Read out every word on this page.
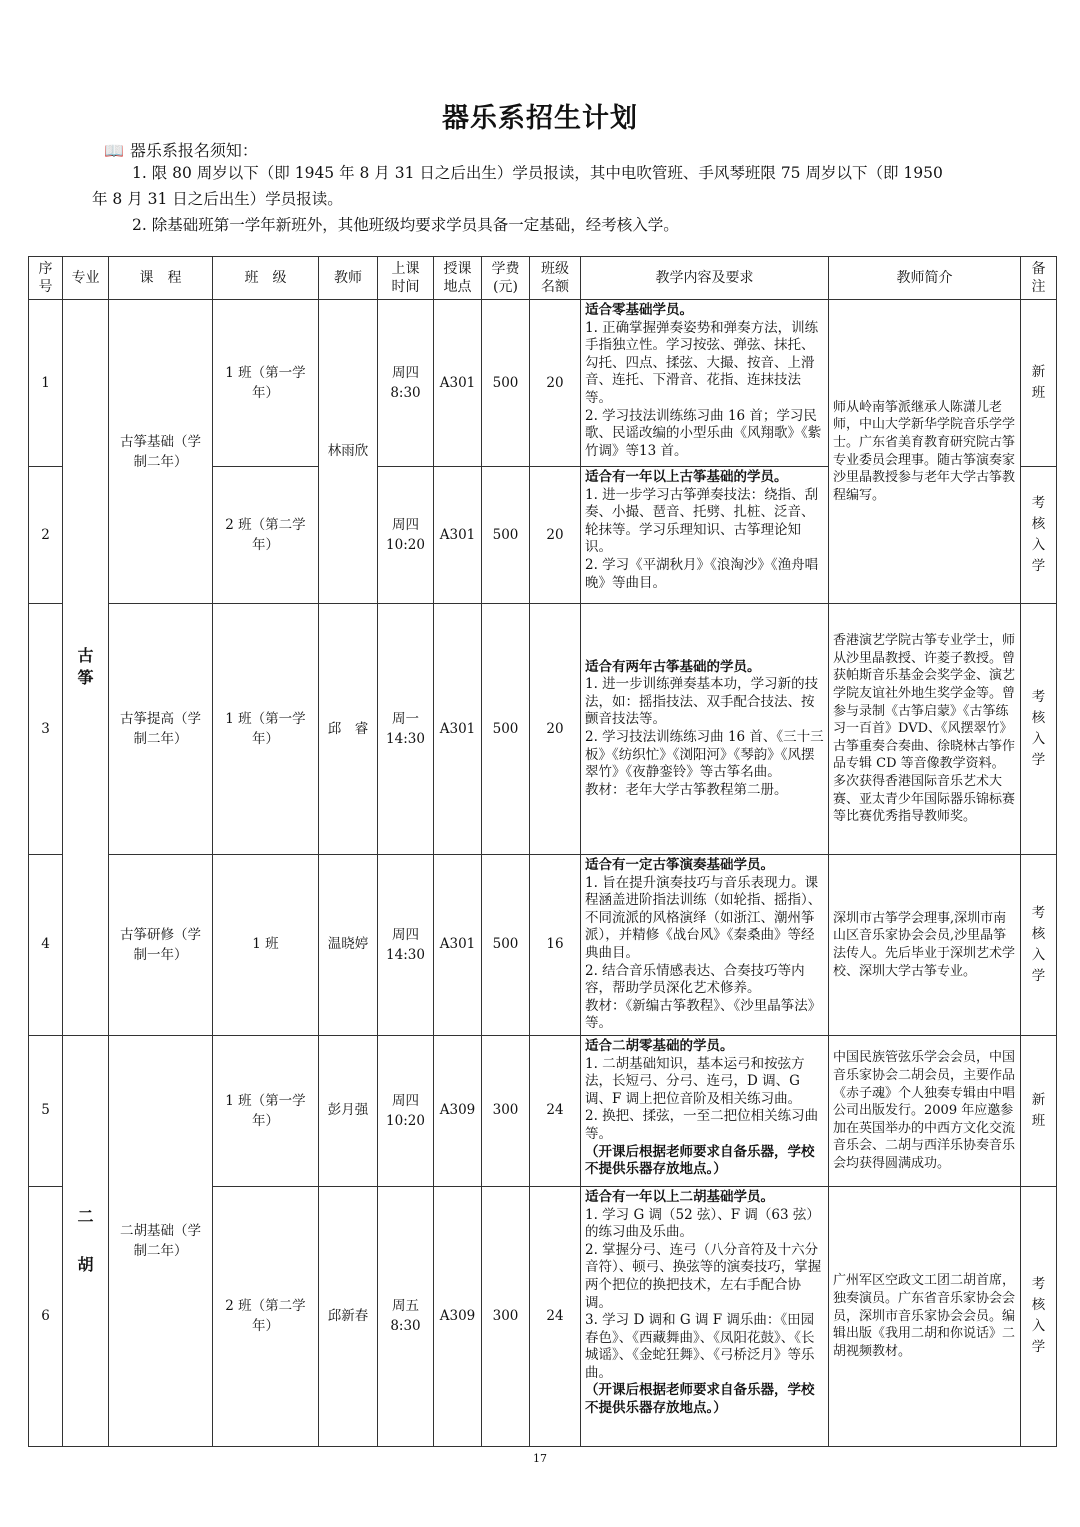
器乐系招生计划
📖 器乐系报名须知：
1. 限 80 周岁以下（即 1945 年 8 月 31 日之后出生）学员报读，其中电吹管班、手风琴班限 75 周岁以下（即 1950
年 8 月 31 日之后出生）学员报读。
2. 除基础班第一学年新班外，其他班级均要求学员具备一定基础，经考核入学。
序号	专业	课　程	班　级	教师	上课时间	授课地点	学费(元)	班级名额	教学内容及要求	教师简介	备注

1	古筝	古筝基础（学制二年）	1 班（第一学年）	林雨欣	周四 8:30	A301	500	20	适合零基础学员。
1. 正确掌握弹奏姿势和弹奏方法，训练手指独立性。学习按弦、弹弦、抹托、勾托、四点、揉弦、大撮、按音、上滑音、连托、下滑音、花指、连抹技法等。
2. 学习技法训练练习曲 16 首；学习民歌、民谣改编的小型乐曲《风翔歌》《紫竹调》等13 首。	师从岭南筝派继承人陈潇儿老师，中山大学新华学院音乐学学士。广东省美育教育研究院古筝专业委员会理事。随古筝演奏家沙里晶教授参与老年大学古筝教程编写。	新班

2			2 班（第二学年）		周四 10:20	A301	500	20	适合有一年以上古筝基础的学员。
1. 进一步学习古筝弹奏技法：绕指、刮奏、小撮、琶音、托劈、扎桩、泛音、轮抹等。学习乐理知识、古筝理论知识。
2. 学习《平湖秋月》《浪淘沙》《渔舟唱晚》等曲目。		考核入学

3		古筝提高（学制二年）	1 班（第一学年）	邱　睿	周一 14:30	A301	500	20	适合有两年古筝基础的学员。
1. 进一步训练弹奏基本功，学习新的技法，如：摇指技法、双手配合技法、按颤音技法等。
2. 学习技法训练练习曲 16 首、《三十三板》《纺织忙》《浏阳河》《琴韵》《风摆翠竹》《夜静銮铃》等古筝名曲。
教材：老年大学古筝教程第二册。	香港演艺学院古筝专业学士，师从沙里晶教授、许菱子教授。曾获帕斯音乐基金会奖学金、演艺学院友谊社外地生奖学金等。曾参与录制《古筝启蒙》《古筝练习一百首》DVD、《风摆翠竹》古筝重奏合奏曲、徐晓林古筝作品专辑 CD 等音像教学资料。多次获得香港国际音乐艺术大赛、亚太青少年国际器乐锦标赛等比赛优秀指导教师奖。	考核入学

4		古筝研修（学制一年）	1 班	温晓婷	周四 14:30	A301	500	16	适合有一定古筝演奏基础学员。
1. 旨在提升演奏技巧与音乐表现力。课程涵盖进阶指法训练（如轮指、摇指）、不同流派的风格演绎（如浙江、潮州筝派），并精修《战台风》《秦桑曲》等经典曲目。
2. 结合音乐情感表达、合奏技巧等内容，帮助学员深化艺术修养。
教材：《新编古筝教程》、《沙里晶筝法》等。	深圳市古筝学会理事,深圳市南山区音乐家协会会员,沙里晶筝法传人。先后毕业于深圳艺术学校、深圳大学古筝专业。	考核入学

5	二胡	二胡基础（学制二年）	1 班（第一学年）	彭月强	周四 10:20	A309	300	24	适合二胡零基础的学员。
1. 二胡基础知识，基本运弓和按弦方法，长短弓、分弓、连弓，D 调、G 调、F 调上把位音阶及相关练习曲。
2. 换把、揉弦，一至二把位相关练习曲等。
（开课后根据老师要求自备乐器，学校不提供乐器存放地点。）	中国民族管弦乐学会会员，中国音乐家协会二胡会员，主要作品《赤子魂》个人独奏专辑由中唱公司出版发行。2009 年应邀参加在英国举办的中西方文化交流音乐会、二胡与西洋乐协奏音乐会均获得圆满成功。	新班

6			2 班（第二学年）	邱新春	周五 8:30	A309	300	24	适合有一年以上二胡基础学员。
1. 学习 G 调（52 弦）、F 调（63 弦）的练习曲及乐曲。
2. 掌握分弓、连弓（八分音符及十六分音符）、顿弓、换弦等的演奏技巧，掌握两个把位的换把技术，左右手配合协调。
3. 学习 D 调和 G 调 F 调乐曲：《田园春色》、《西藏舞曲》、《凤阳花鼓》、《长城谣》、《金蛇狂舞》、《弓桥泛月》等乐曲。
（开课后根据老师要求自备乐器，学校不提供乐器存放地点。）	广州军区空政文工团二胡首席，独奏演员。广东省音乐家协会会员，深圳市音乐家协会会员。编辑出版《我用二胡和你说话》二胡视频教材。	考核入学
17
